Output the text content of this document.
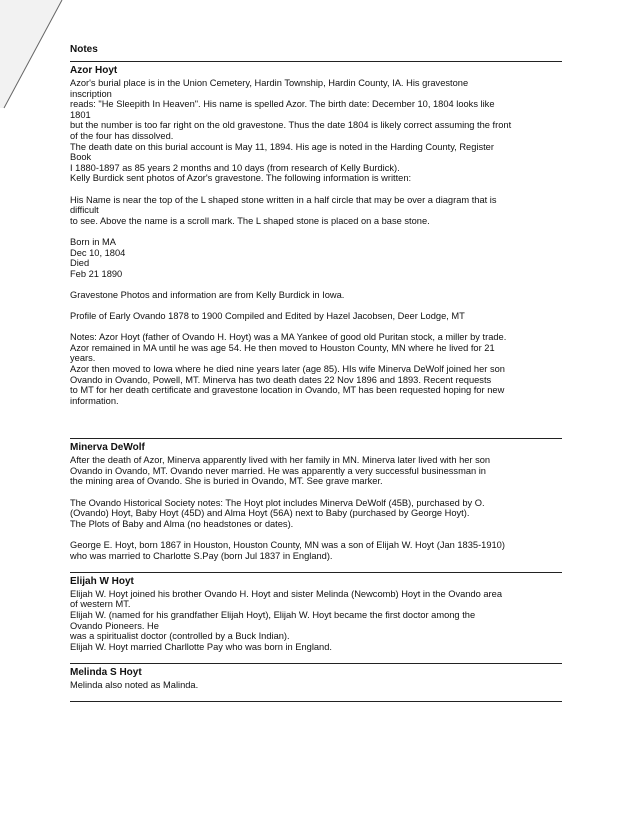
Notes
Azor Hoyt
Azor's burial place is in the Union Cemetery, Hardin Township, Hardin County, IA. His gravestone
inscription
reads: "He Sleepith In Heaven". His name is spelled Azor. The birth date: December 10, 1804 looks like
1801
but the number is too far right on the old gravestone. Thus the date 1804 is likely correct assuming the front
of the four has dissolved.
The death date on this burial account is May 11, 1894. His age is noted in the Harding County, Register
Book
I 1880-1897 as 85 years 2 months and 10 days (from research of Kelly Burdick).
Kelly Burdick sent photos of Azor's gravestone. The following information is written:
His Name is near the top of the L shaped stone written in a half circle that may be over a diagram that is
difficult
to see. Above the name is a scroll mark. The L shaped stone is placed on a base stone.
Born in MA
Dec 10, 1804
Died
Feb 21 1890
Gravestone Photos and information are from Kelly Burdick in Iowa.
Profile of Early Ovando 1878 to 1900 Compiled and Edited by Hazel Jacobsen, Deer Lodge, MT
Notes: Azor Hoyt (father of Ovando H. Hoyt) was a MA Yankee of good old Puritan stock, a miller by trade.
Azor remained in MA until he was age 54. He then moved to Houston County, MN where he lived for 21
years.
Azor then moved to Iowa where he died nine years later (age 85). HIs wife Minerva DeWolf joined her son
Ovando in Ovando, Powell, MT. Minerva has two death dates 22 Nov 1896 and 1893. Recent requests
to MT for her death certificate and gravestone location in Ovando, MT has been requested hoping for new
information.
Minerva DeWolf
After the death of Azor, Minerva apparently lived with her family in MN. Minerva later lived with her son
Ovando in Ovando, MT. Ovando never married. He was apparently a very successful businessman in
the mining area of Ovando. She is buried in Ovando, MT. See grave marker.
The Ovando Historical Society notes: The Hoyt plot includes Minerva DeWolf (45B), purchased by O.
(Ovando) Hoyt, Baby Hoyt (45D) and Alma Hoyt (56A) next to Baby (purchased by George Hoyt).
The Plots of Baby and Alma (no headstones or dates).
George E. Hoyt, born 1867 in Houston, Houston County, MN was a son of Elijah W. Hoyt (Jan 1835-1910)
who was married to Charlotte S.Pay (born Jul 1837 in England).
Elijah W Hoyt
Elijah W. Hoyt joined his brother Ovando H. Hoyt and sister Melinda (Newcomb) Hoyt in the Ovando area
of western MT.
Elijah W. (named for his grandfather Elijah Hoyt), Elijah W. Hoyt became the first doctor among the
Ovando Pioneers. He
was a spiritualist doctor (controlled by a Buck Indian).
Elijah W. Hoyt married Charllotte Pay who was born in England.
Melinda S Hoyt
Melinda also noted as Malinda.
